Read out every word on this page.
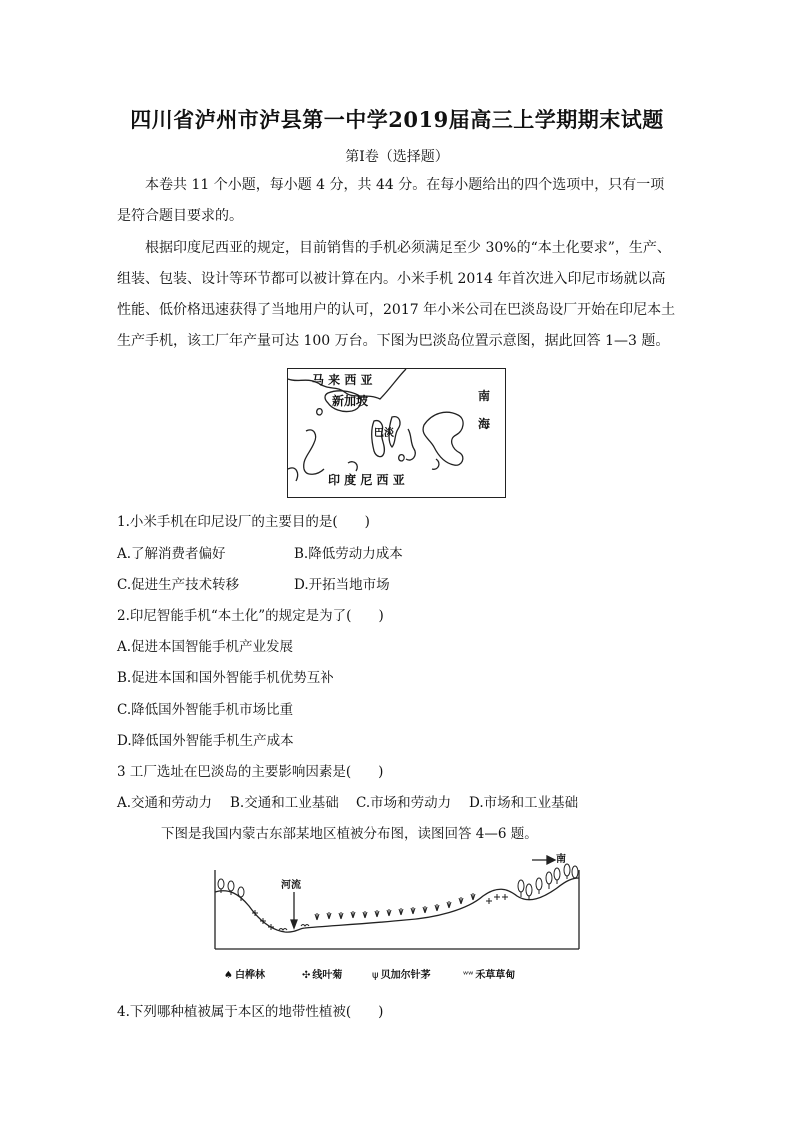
四川省泸州市泸县第一中学2019届高三上学期期末试题
第Ⅰ卷（选择题）
本卷共 11 个小题，每小题 4 分，共 44 分。在每小题给出的四个选项中，只有一项是符合题目要求的。
根据印度尼西亚的规定，目前销售的手机必须满足至少 30%的“本土化要求”，生产、组装、包装、设计等环节都可以被计算在内。小米手机 2014 年首次进入印尼市场就以高性能、低价格迅速获得了当地用户的认可，2017 年小米公司在巴淡岛设厂开始在印尼本土生产手机，该工厂年产量可达 100 万台。下图为巴淡岛位置示意图，据此回答 1—3 题。
马 来 西 亚
新加坡	南
海
巴淡
印 度 尼 西 亚
1.小米手机在印尼设厂的主要目的是(　　)
A.了解消费者偏好	B.降低劳动力成本
C.促进生产技术转移	D.开拓当地市场
2.印尼智能手机“本土化”的规定是为了(　　)
A.促进本国智能手机产业发展
B.促进本国和国外智能手机优势互补
C.降低国外智能手机市场比重
D.降低国外智能手机生产成本
3 工厂选址在巴淡岛的主要影响因素是(　　)
A.交通和劳动力 B.交通和工业基础 C.市场和劳动力 D.市场和工业基础
下图是我国内蒙古东部某地区植被分布图，读图回答 4—6 题。
河流
南
♠ 白桦林	✣ 线叶菊	ψ 贝加尔针茅	ʷʷ 禾草草甸
4.下列哪种植被属于本区的地带性植被(　　)
